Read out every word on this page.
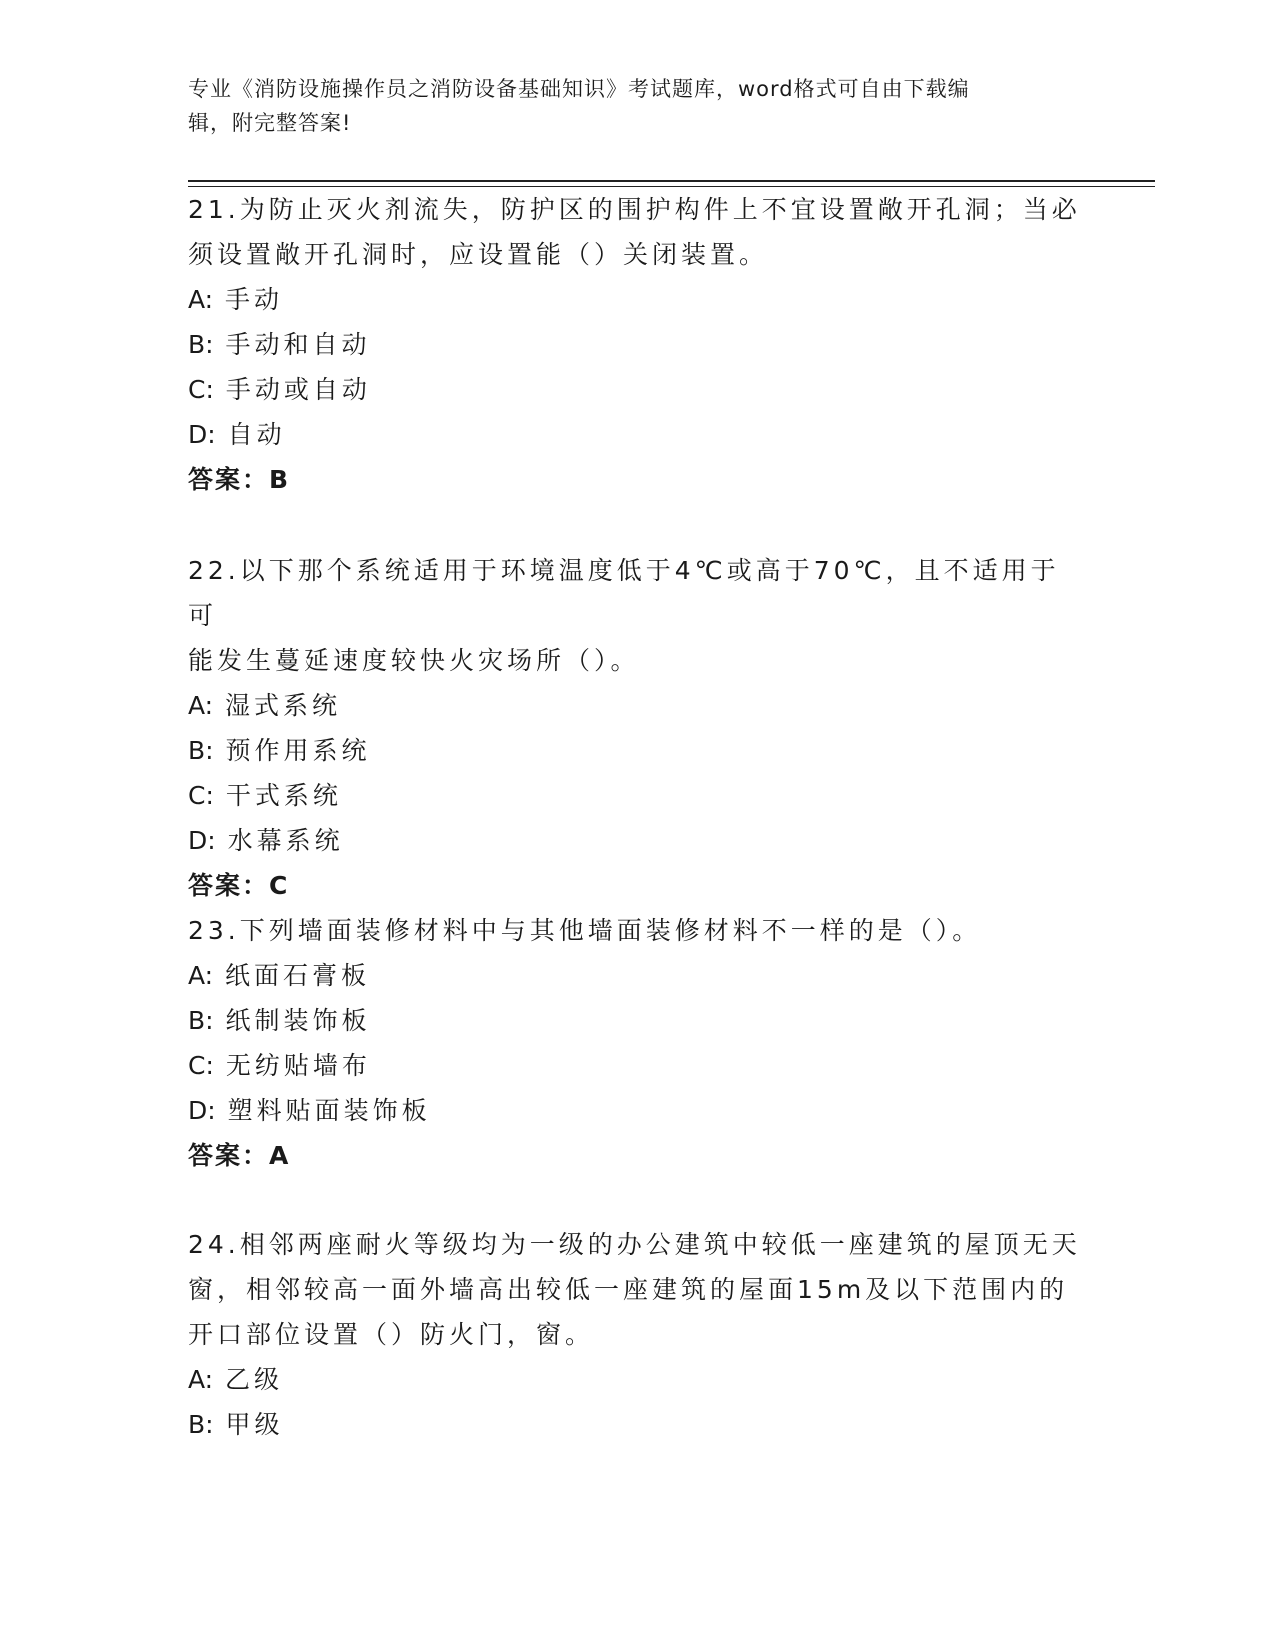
专业《消防设施操作员之消防设备基础知识》考试题库，word格式可自由下载编
辑，附完整答案!

21.为防止灭火剂流失，防护区的围护构件上不宜设置敞开孔洞；当必

须设置敞开孔洞时，应设置能（）关闭装置。

A: 手动

B: 手动和自动

C: 手动或自动

D: 自动

答案：B

22.以下那个系统适用于环境温度低于4℃或高于70℃，且不适用于可

能发生蔓延速度较快火灾场所（）。

A: 湿式系统

B: 预作用系统

C: 干式系统

D: 水幕系统

答案：C

23.下列墙面装修材料中与其他墙面装修材料不一样的是（）。

A: 纸面石膏板

B: 纸制装饰板

C: 无纺贴墙布

D: 塑料贴面装饰板

答案：A

24.相邻两座耐火等级均为一级的办公建筑中较低一座建筑的屋顶无天

窗，相邻较高一面外墙高出较低一座建筑的屋面15m及以下范围内的

开口部位设置（）防火门，窗。

A: 乙级

B: 甲级
